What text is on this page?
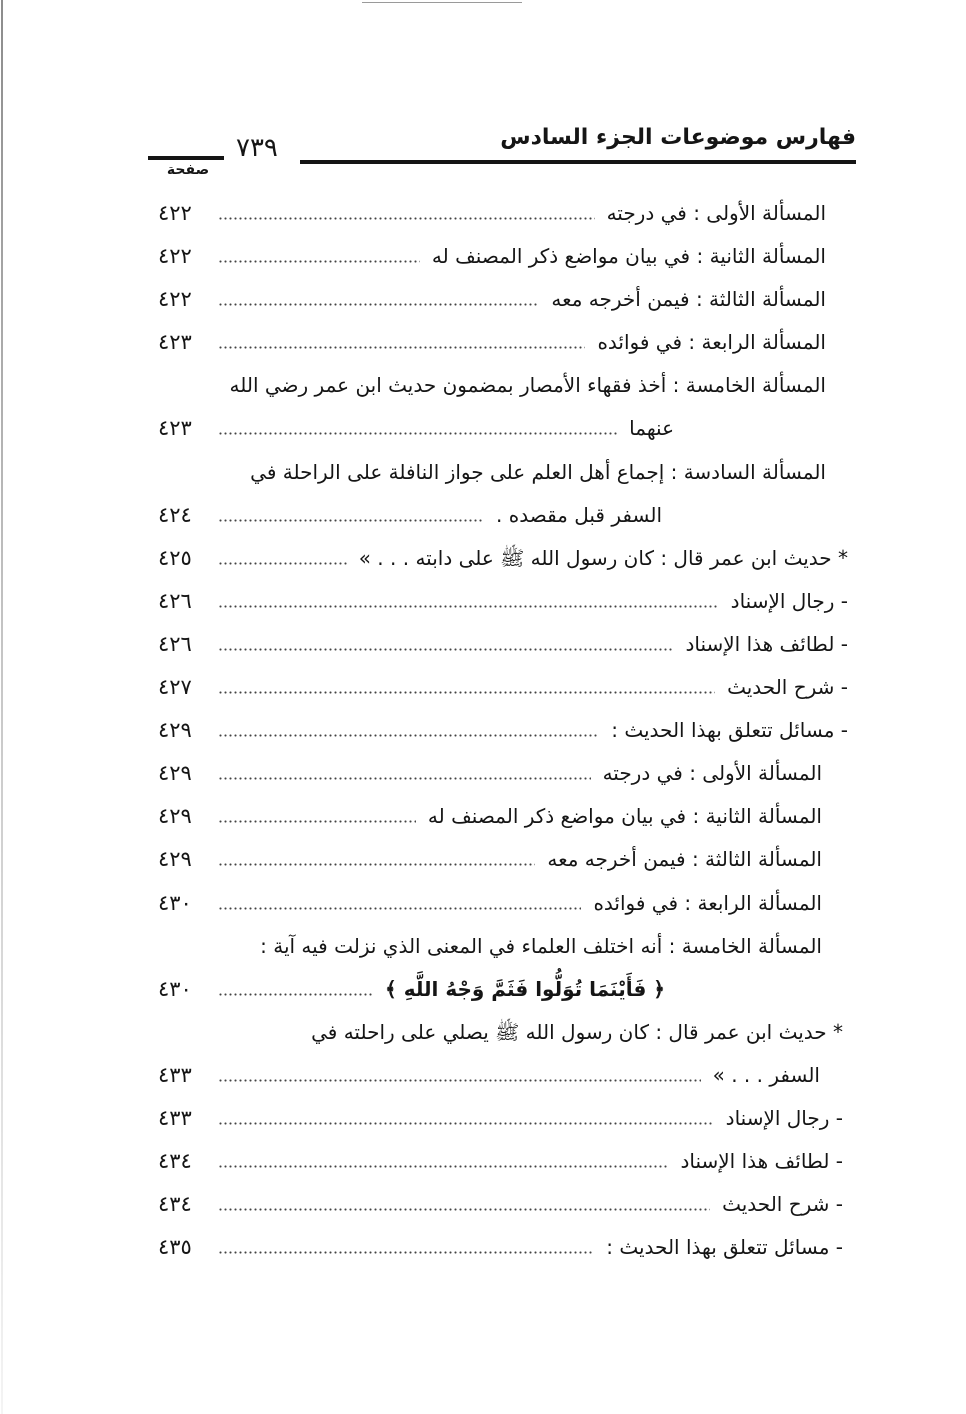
فهارس موضوعات الجزء السادس
٧٣٩
صفحة
المسألة الأولى : في درجته
٤٢٢
المسألة الثانية : في بيان مواضع ذكر المصنف له
٤٢٢
المسألة الثالثة : فيمن أخرجه معه
٤٢٢
المسألة الرابعة : في فوائده
٤٢٣
المسألة الخامسة : أخذ فقهاء الأمصار بمضمون حديث ابن عمر رضي الله
عنهما
٤٢٣
المسألة السادسة : إجماع أهل العلم على جواز النافلة على الراحلة في
السفر قبل مقصده .
٤٢٤
* حديث ابن عمر قال : كان رسول الله ﷺ على دابته . . . »
٤٢٥
- رجال الإسناد
٤٢٦
- لطائف هذا الإسناد
٤٢٦
- شرح الحديث
٤٢٧
- مسائل تتعلق بهذا الحديث :
٤٢٩
المسألة الأولى : في درجته
٤٢٩
المسألة الثانية : في بيان مواضع ذكر المصنف له
٤٢٩
المسألة الثالثة : فيمن أخرجه معه
٤٢٩
المسألة الرابعة : في فوائده
٤٣٠
المسألة الخامسة : أنه اختلف العلماء في المعنى الذي نزلت فيه آية :
﴿ فَأَيْنَمَا تُوَلُّوا فَثَمَّ وَجْهُ اللَّهِ ﴾
٤٣٠
* حديث ابن عمر قال : كان رسول الله ﷺ يصلي على راحلته في
السفر . . . »
٤٣٣
- رجال الإسناد
٤٣٣
- لطائف هذا الإسناد
٤٣٤
- شرح الحديث
٤٣٤
- مسائل تتعلق بهذا الحديث :
٤٣٥
